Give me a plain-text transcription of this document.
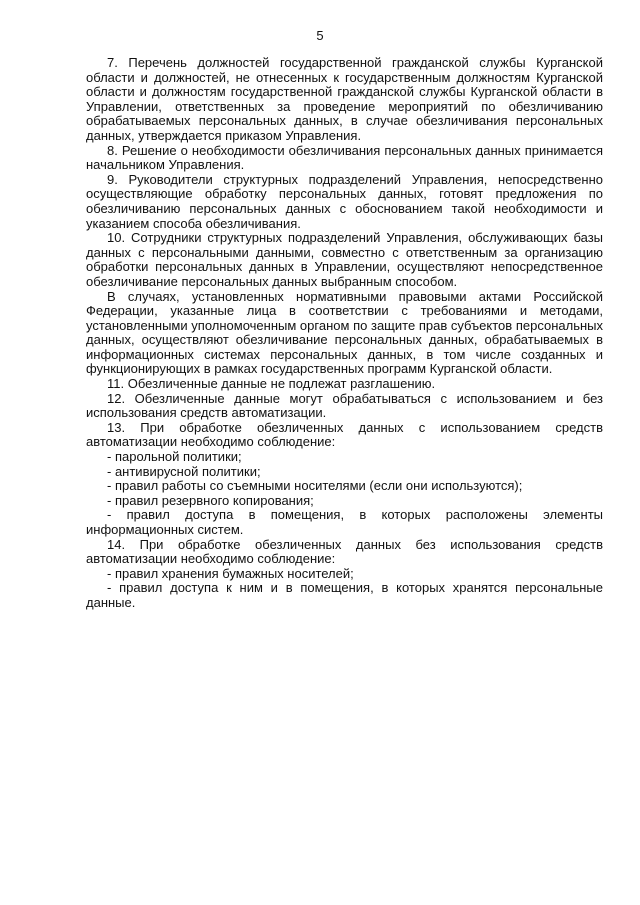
5

7. Перечень должностей государственной гражданской службы Курганской области и должностей, не отнесенных к государственным должностям Курганской области и должностям государственной гражданской службы Курганской области в Управлении, ответственных за проведение мероприятий по обезличиванию обрабатываемых персональных данных, в случае обезличивания персональных данных, утверждается приказом Управления.

8. Решение о необходимости обезличивания персональных данных принимается начальником Управления.

9. Руководители структурных подразделений Управления, непосредственно осуществляющие обработку персональных данных, готовят предложения по обезличиванию персональных данных с обоснованием такой необходимости и указанием способа обезличивания.

10. Сотрудники структурных подразделений Управления, обслуживающих базы данных с персональными данными, совместно с ответственным за организацию обработки персональных данных в Управлении, осуществляют непосредственное обезличивание персональных данных выбранным способом.

В случаях, установленных нормативными правовыми актами Российской Федерации, указанные лица в соответствии с требованиями и методами, установленными уполномоченным органом по защите прав субъектов персональных данных, осуществляют обезличивание персональных данных, обрабатываемых в информационных системах персональных данных, в том числе созданных и функционирующих в рамках государственных программ Курганской области.

11. Обезличенные данные не подлежат разглашению.

12. Обезличенные данные могут обрабатываться с использованием и без использования средств автоматизации.

13. При обработке обезличенных данных с использованием средств автоматизации необходимо соблюдение:

- парольной политики;

- антивирусной политики;

- правил работы со съемными носителями (если они используются);

- правил резервного копирования;

- правил доступа в помещения, в которых расположены элементы информационных систем.

14. При обработке обезличенных данных без использования средств автоматизации необходимо соблюдение:

- правил хранения бумажных носителей;

- правил доступа к ним и в помещения, в которых хранятся персональные данные.
